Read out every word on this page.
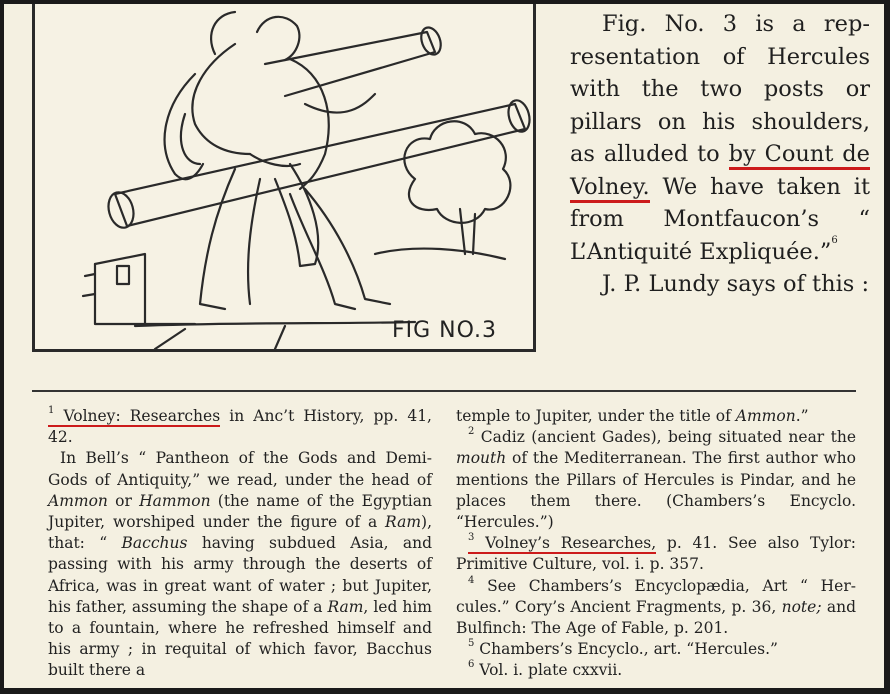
FIG NO.3

Fig. No. 3 is a representation of Hercules with the two posts or pillars on his shoulders, as alluded to by Count de Volney. We have taken it from Montfaucon’s “ L’Antiquité Expliquée.”$^6$

J. P. Lundy says of this :

$^1$ Volney: Researches in Anc’t History, pp. 41, 42.

In Bell’s “ Pantheon of the Gods and Demi-Gods of Antiquity,” we read, under the head of Ammon or Hammon (the name of the Egyptian Jupiter, worshiped under the figure of a Ram), that: “ Bacchus having subdued Asia, and passing with his army through the deserts of Africa, was in great want of water ; but Jupiter, his father, assuming the shape of a Ram, led him to a fountain, where he refreshed himself and his army ; in requital of which favor, Bacchus built there a

temple to Jupiter, under the title of Ammon.”

$^2$ Cadiz (ancient Gades), being situated near the mouth of the Mediterranean. The first author who mentions the Pillars of Hercules is Pindar, and he places them there. (Chambers’s Encyclo. “Hercules.”)

$^3$ Volney’s Researches, p. 41. See also Tylor: Primitive Culture, vol. i. p. 357.

$^4$ See Chambers’s Encyclopædia, Art “ Hercules.” Cory’s Ancient Fragments, p. 36, note; and Bulfinch: The Age of Fable, p. 201.

$^5$ Chambers’s Encyclo., art. “Hercules.”

$^6$ Vol. i. plate cxxvii.
